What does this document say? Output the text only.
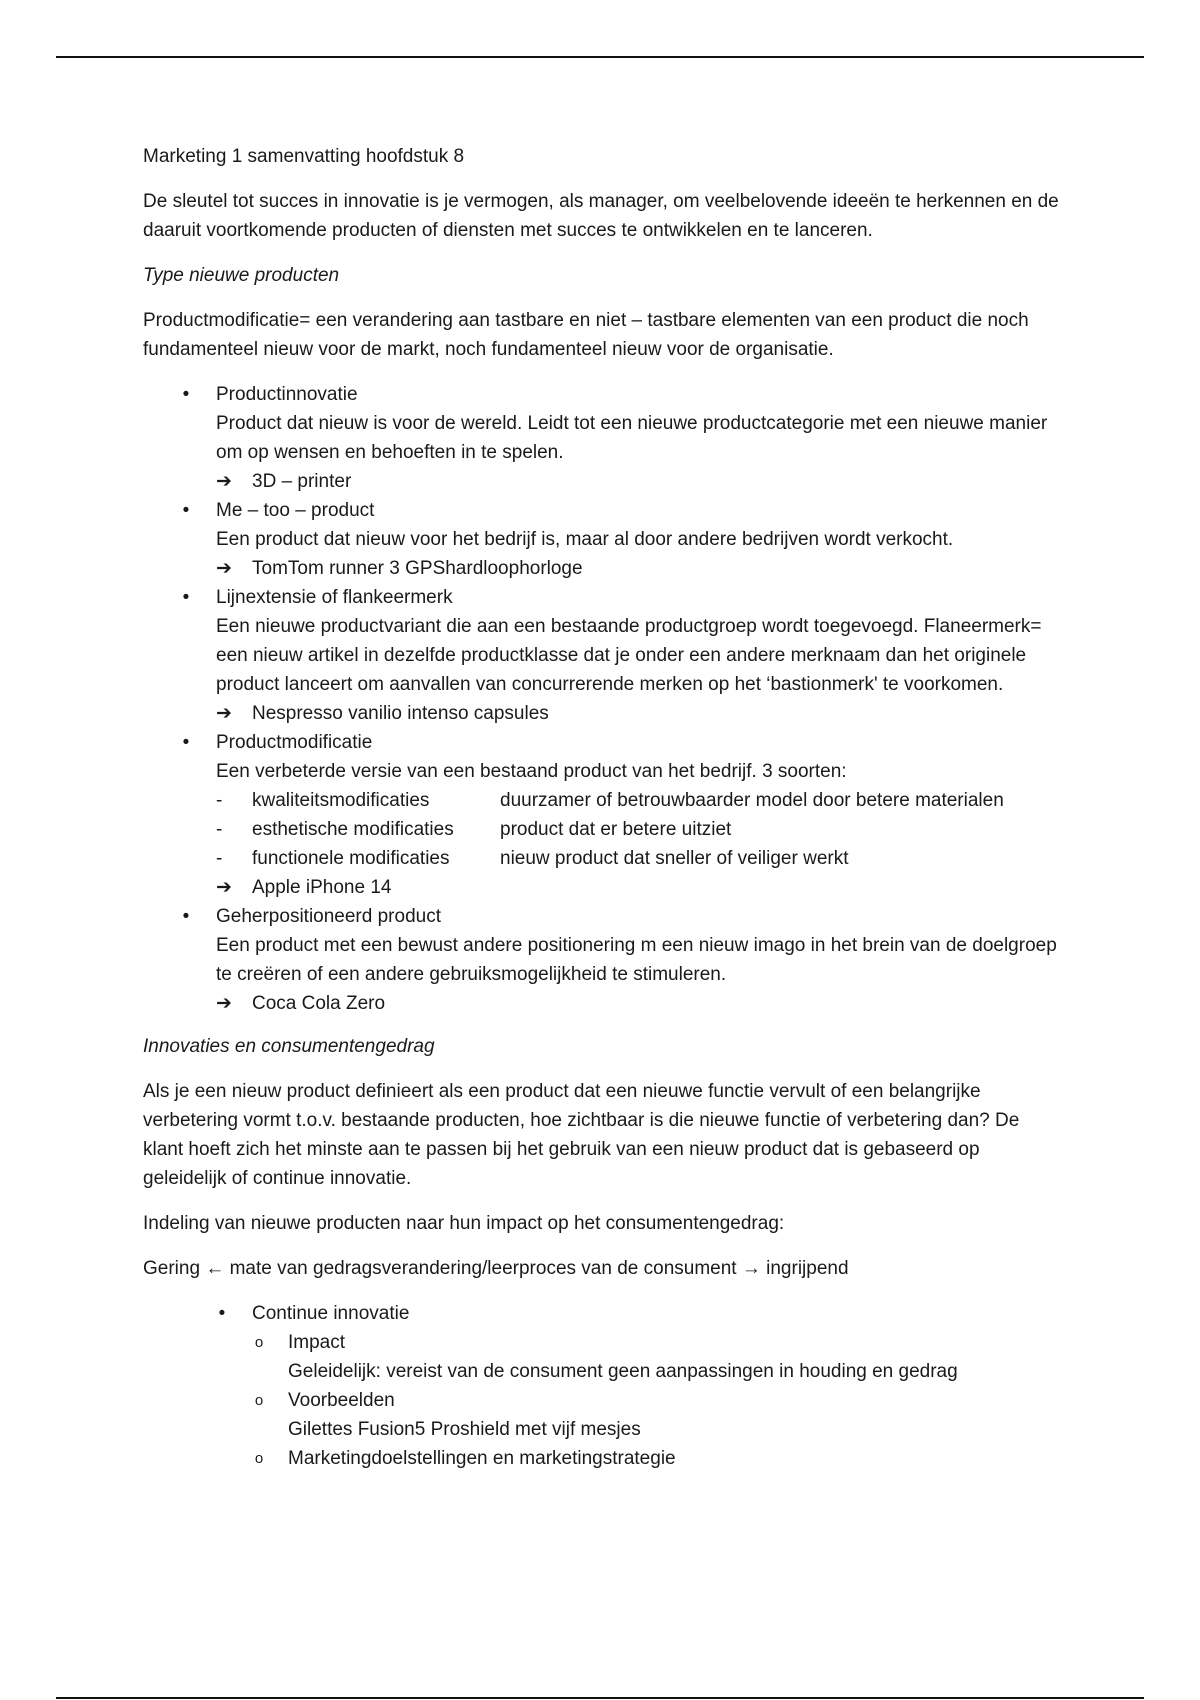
Marketing 1 samenvatting hoofdstuk 8

De sleutel tot succes in innovatie is je vermogen, als manager, om veelbelovende ideeën te herkennen en de daaruit voortkomende producten of diensten met succes te ontwikkelen en te lanceren.

Type nieuwe producten

Productmodificatie= een verandering aan tastbare en niet – tastbare elementen van een product die noch fundamenteel nieuw voor de markt, noch fundamenteel nieuw voor de organisatie.

• Productinnovatie
Product dat nieuw is voor de wereld. Leidt tot een nieuwe productcategorie met een nieuwe manier om op wensen en behoeften in te spelen.
➔ 3D – printer
• Me – too – product
Een product dat nieuw voor het bedrijf is, maar al door andere bedrijven wordt verkocht.
➔ TomTom runner 3 GPShardloophorloge
• Lijnextensie of flankeermerk
Een nieuwe productvariant die aan een bestaande productgroep wordt toegevoegd. Flaneermerk= een nieuw artikel in dezelfde productklasse dat je onder een andere merknaam dan het originele product lanceert om aanvallen van concurrerende merken op het ‘bastionmerk' te voorkomen.
➔ Nespresso vanilio intenso capsules
• Productmodificatie
Een verbeterde versie van een bestaand product van het bedrijf. 3 soorten:
-	kwaliteitsmodificaties	duurzamer of betrouwbaarder model door betere materialen
-	esthetische modificaties	product dat er betere uitziet
-	functionele modificaties	nieuw product dat sneller of veiliger werkt
➔ Apple iPhone 14
• Geherpositioneerd product
Een product met een bewust andere positionering m een nieuw imago in het brein van de doelgroep te creëren of een andere gebruiksmogelijkheid te stimuleren.
➔ Coca Cola Zero

Innovaties en consumentengedrag

Als je een nieuw product definieert als een product dat een nieuwe functie vervult of een belangrijke verbetering vormt t.o.v. bestaande producten, hoe zichtbaar is die nieuwe functie of verbetering dan? De klant hoeft zich het minste aan te passen bij het gebruik van een nieuw product dat is gebaseerd op geleidelijk of continue innovatie.

Indeling van nieuwe producten naar hun impact op het consumentengedrag:

Gering ← mate van gedragsverandering/leerproces van de consument → ingrijpend

• Continue innovatie
o Impact
Geleidelijk: vereist van de consument geen aanpassingen in houding en gedrag
o Voorbeelden
Gilettes Fusion5 Proshield met vijf mesjes
o Marketingdoelstellingen en marketingstrategie
